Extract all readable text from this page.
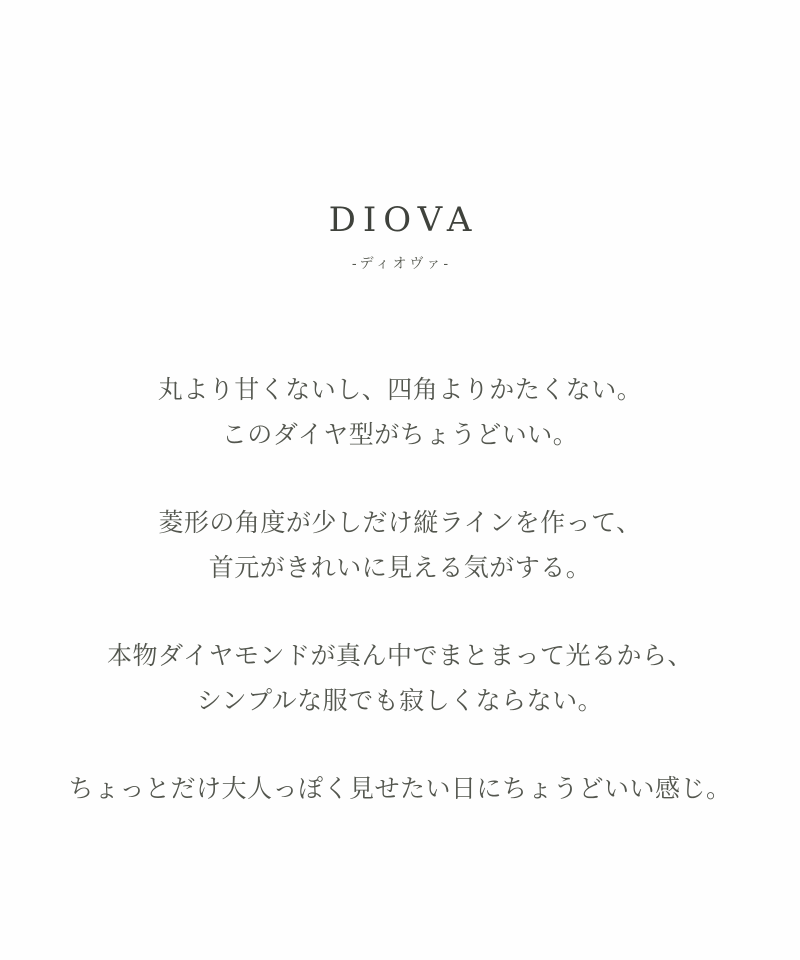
DIOVA

-ディオヴァ-

丸より甘くないし、四角よりかたくない。
このダイヤ型がちょうどいい。

菱形の角度が少しだけ縦ラインを作って、
首元がきれいに見える気がする。

本物ダイヤモンドが真ん中でまとまって光るから、
シンプルな服でも寂しくならない。

ちょっとだけ大人っぽく見せたい日にちょうどいい感じ。
